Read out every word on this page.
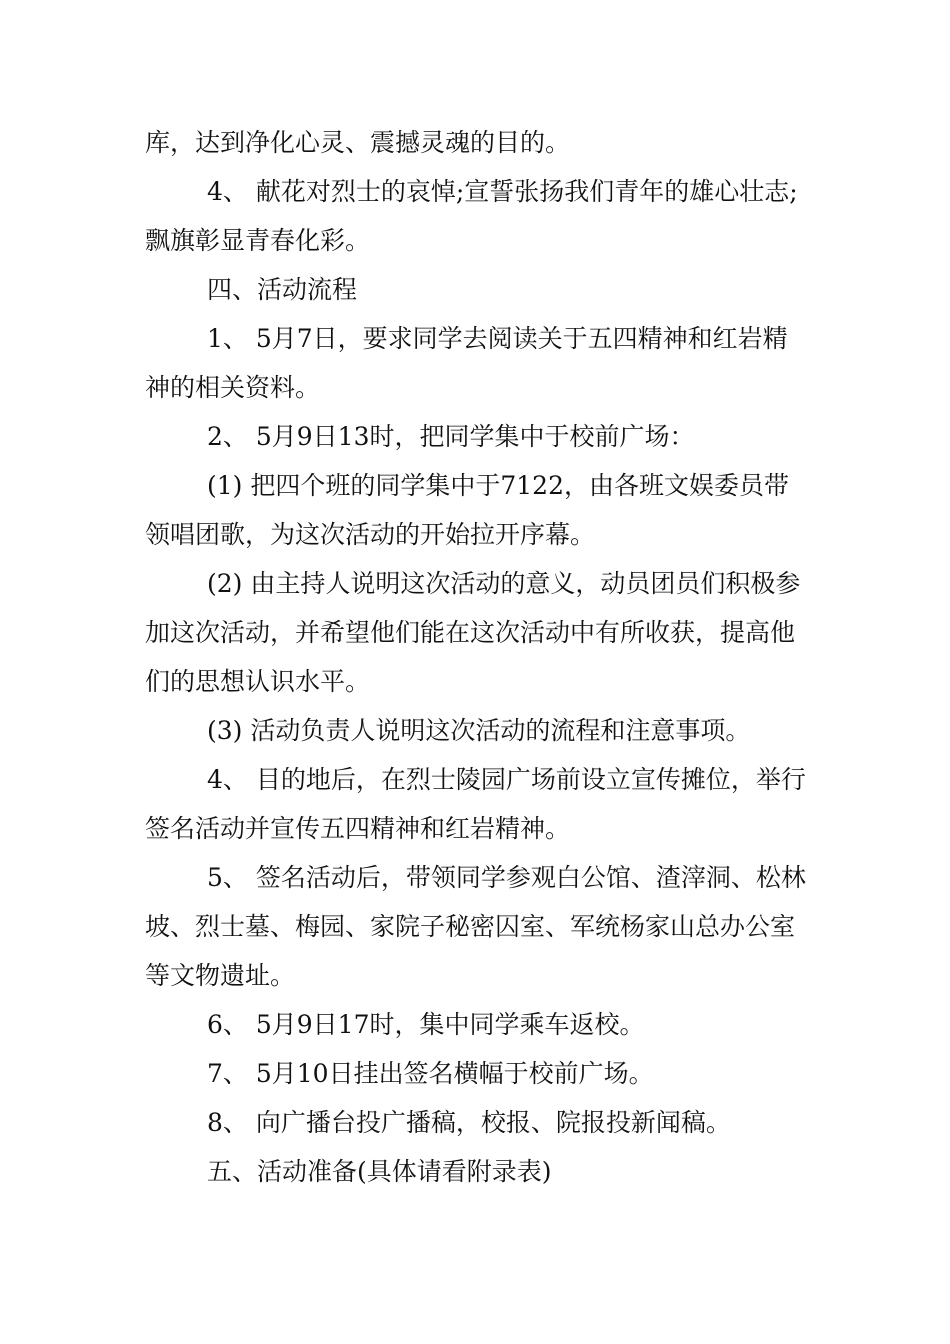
库，达到净化心灵、震撼灵魂的目的。

4、 献花对烈士的哀悼;宣誓张扬我们青年的雄心壮志;飘旗彰显青春化彩。

四、活动流程

1、 5月7日，要求同学去阅读关于五四精神和红岩精神的相关资料。

2、 5月9日13时，把同学集中于校前广场：

(1) 把四个班的同学集中于7122，由各班文娱委员带领唱团歌，为这次活动的开始拉开序幕。

(2) 由主持人说明这次活动的意义，动员团员们积极参加这次活动，并希望他们能在这次活动中有所收获，提高他们的思想认识水平。

(3) 活动负责人说明这次活动的流程和注意事项。

4、 目的地后，在烈士陵园广场前设立宣传摊位，举行签名活动并宣传五四精神和红岩精神。

5、 签名活动后，带领同学参观白公馆、渣滓洞、松林坡、烈士墓、梅园、家院子秘密囚室、军统杨家山总办公室等文物遗址。

6、 5月9日17时，集中同学乘车返校。

7、 5月10日挂出签名横幅于校前广场。

8、 向广播台投广播稿，校报、院报投新闻稿。

五、活动准备(具体请看附录表)
